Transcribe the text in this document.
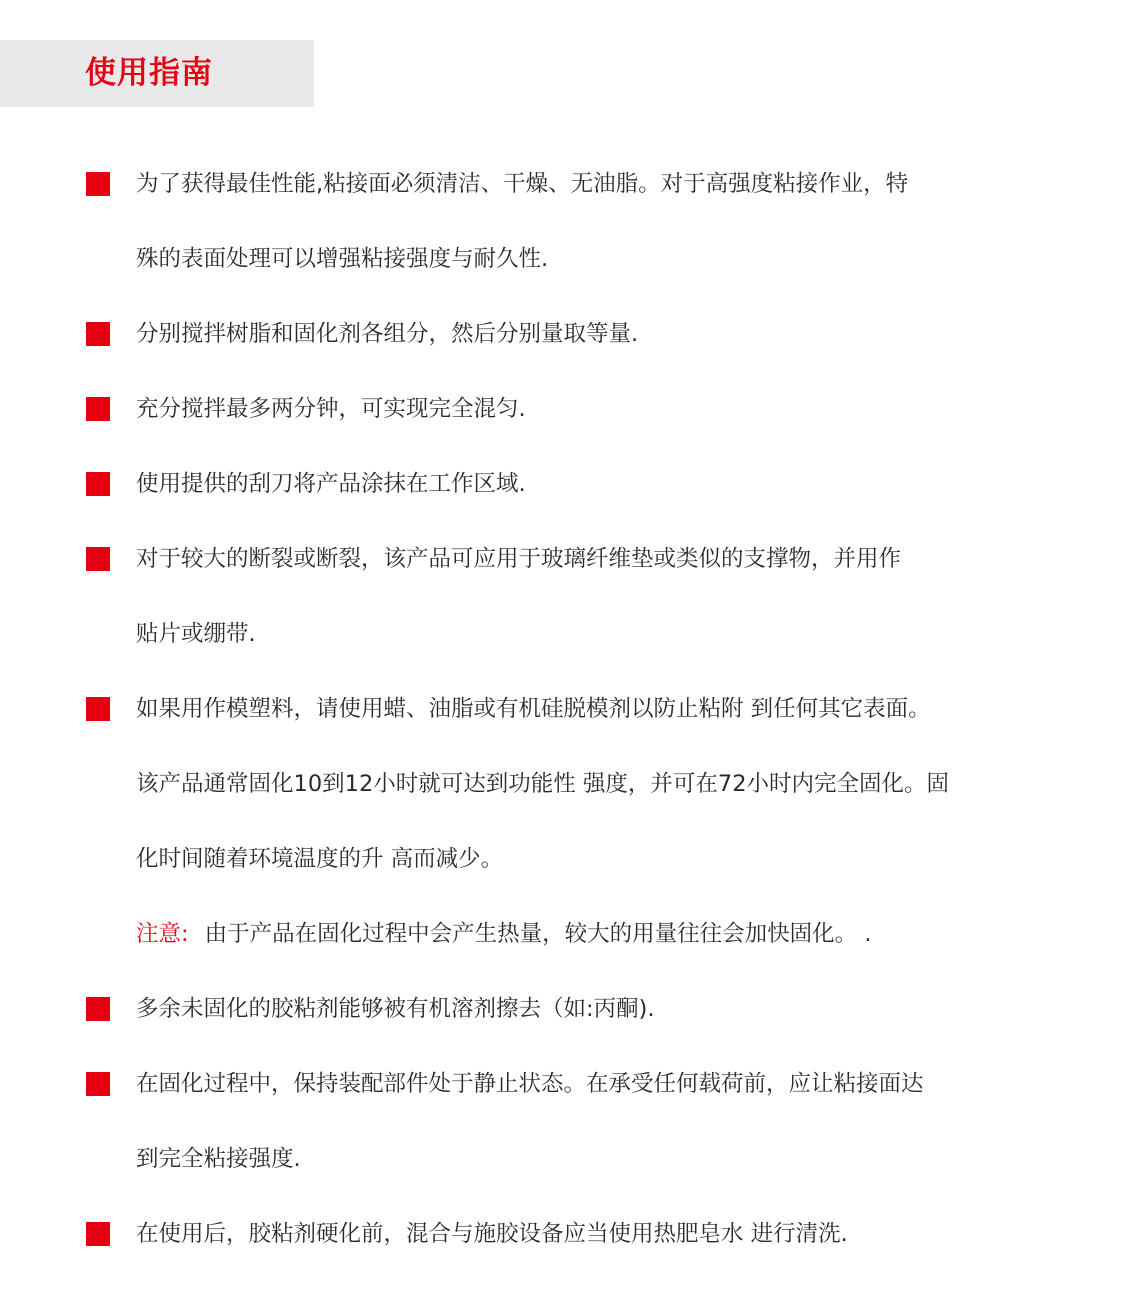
使用指南
为了获得最佳性能,粘接面必须清洁、干燥、无油脂。对于高强度粘接作业，特
殊的表面处理可以增强粘接强度与耐久性.
分别搅拌树脂和固化剂各组分，然后分别量取等量.
充分搅拌最多两分钟，可实现完全混匀.
使用提供的刮刀将产品涂抹在工作区域.
对于较大的断裂或断裂，该产品可应用于玻璃纤维垫或类似的支撑物，并用作
贴片或绷带.
如果用作模塑料，请使用蜡、油脂或有机硅脱模剂以防止粘附 到任何其它表面。
该产品通常固化10到12小时就可达到功能性 强度，并可在72小时内完全固化。固
化时间随着环境温度的升 高而减少。
注意: 由于产品在固化过程中会产生热量，较大的用量往往会加快固化。 .
多余未固化的胶粘剂能够被有机溶剂擦去（如:丙酮).
在固化过程中，保持装配部件处于静止状态。在承受任何载荷前，应让粘接面达
到完全粘接强度.
在使用后，胶粘剂硬化前，混合与施胶设备应当使用热肥皂水 进行清洗.
